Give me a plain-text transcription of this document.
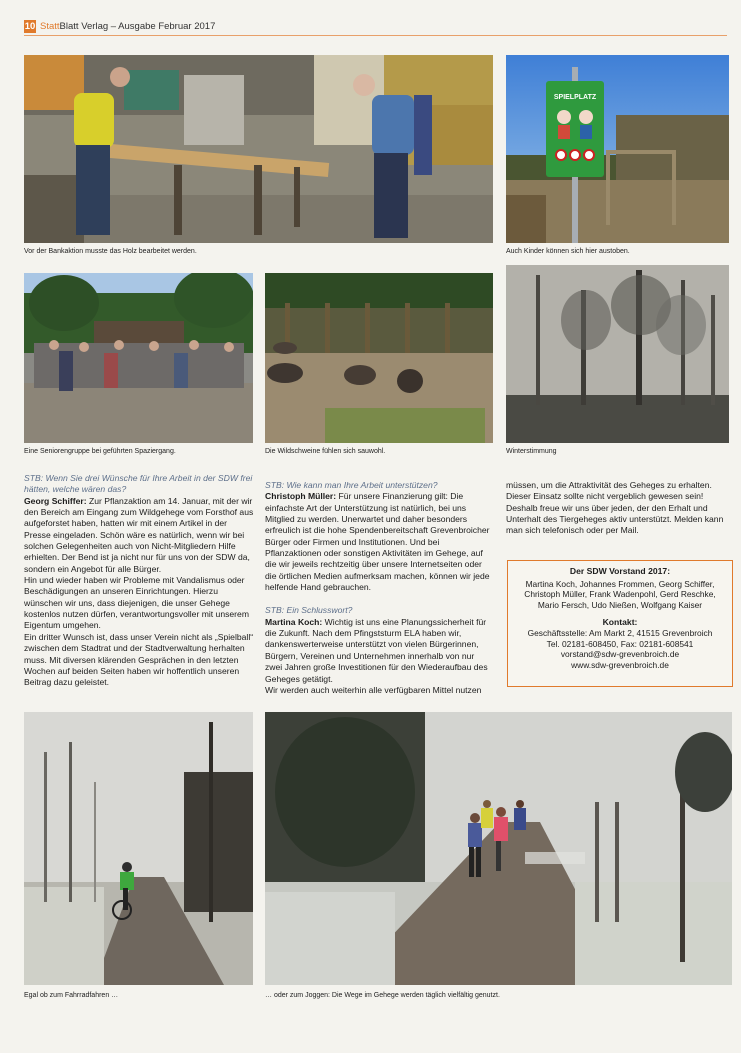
10 StattBlatt Verlag – Ausgabe Februar 2017
Vor der Bankaktion musste das Holz bearbeitet werden.
SPIELPLATZ
Auch Kinder können sich hier austoben.
Eine Seniorengruppe bei geführten Spaziergang.	Die Wildschweine fühlen sich sauwohl.	Winterstimmung

STB: Wenn Sie drei Wünsche für Ihre Arbeit in der SDW frei hätten, welche wären das?

Georg Schiffer: Zur Pflanzaktion am 14. Januar, mit der wir den Bereich am Eingang zum Wildgehege vom Forsthof aus aufgeforstet haben, hatten wir mit einem Artikel in der Presse eingeladen. Schön wäre es natürlich, wenn wir bei solchen Gelegenheiten auch von Nicht-Mitgliedern Hilfe erhielten. Der Bend ist ja nicht nur für uns von der SDW da, sondern ein Angebot für alle Bürger.

Hin und wieder haben wir Probleme mit Vandalismus oder Beschädigungen an unseren Einrichtungen. Hierzu wünschen wir uns, dass diejenigen, die unser Gehege kostenlos nutzen dürfen, verantwortungsvoller mit unserem Eigentum umgehen.

Ein dritter Wunsch ist, dass unser Verein nicht als „Spielball“ zwischen dem Stadtrat und der Stadtverwaltung herhalten muss. Mit diversen klärenden Gesprächen in den letzten Wochen auf beiden Seiten haben wir hoffentlich unseren Beitrag dazu geleistet.

STB: Wie kann man Ihre Arbeit unterstützen?

Christoph Müller: Für unsere Finanzierung gilt: Die einfachste Art der Unterstützung ist natürlich, bei uns Mitglied zu werden. Unerwartet und daher besonders erfreulich ist die hohe Spendenbereitschaft Grevenbroicher Bürger oder Firmen und Institutionen. Und bei Pflanzaktionen oder sonstigen Aktivitäten im Gehege, auf die wir jeweils rechtzeitig über unsere Internetseiten oder die örtlichen Medien aufmerksam machen, können wir jede helfende Hand gebrauchen.

STB: Ein Schlusswort?

Martina Koch: Wichtig ist uns eine Planungssicherheit für die Zukunft. Nach dem Pfingststurm ELA haben wir, dankenswerterweise unterstützt von vielen Bürgerinnen, Bürgern, Vereinen und Unternehmen innerhalb von nur zwei Jahren große Investitionen für den Wiederaufbau des Geheges getätigt.

Wir werden auch weiterhin alle verfügbaren Mittel nutzen

müssen, um die Attraktivität des Geheges zu erhalten. Dieser Einsatz sollte nicht vergeblich gewesen sein! Deshalb freue wir uns über jeden, der den Erhalt und Unterhalt des Tiergeheges aktiv unterstützt. Melden kann man sich telefonisch oder per Mail.

Der SDW Vorstand 2017:
Martina Koch, Johannes Frommen, Georg Schiffer,
Christoph Müller, Frank Wadenpohl, Gerd Reschke,
Mario Fersch, Udo Nießen, Wolfgang Kaiser
Kontakt:
Geschäftsstelle: Am Markt 2, 41515 Grevenbroich
Tel. 02181-608450, Fax: 02181-608541
vorstand@sdw-grevenbroich.de
www.sdw-grevenbroich.de
Egal ob zum Fahrradfahren …	… oder zum Joggen: Die Wege im Gehege werden täglich vielfältig genutzt.
